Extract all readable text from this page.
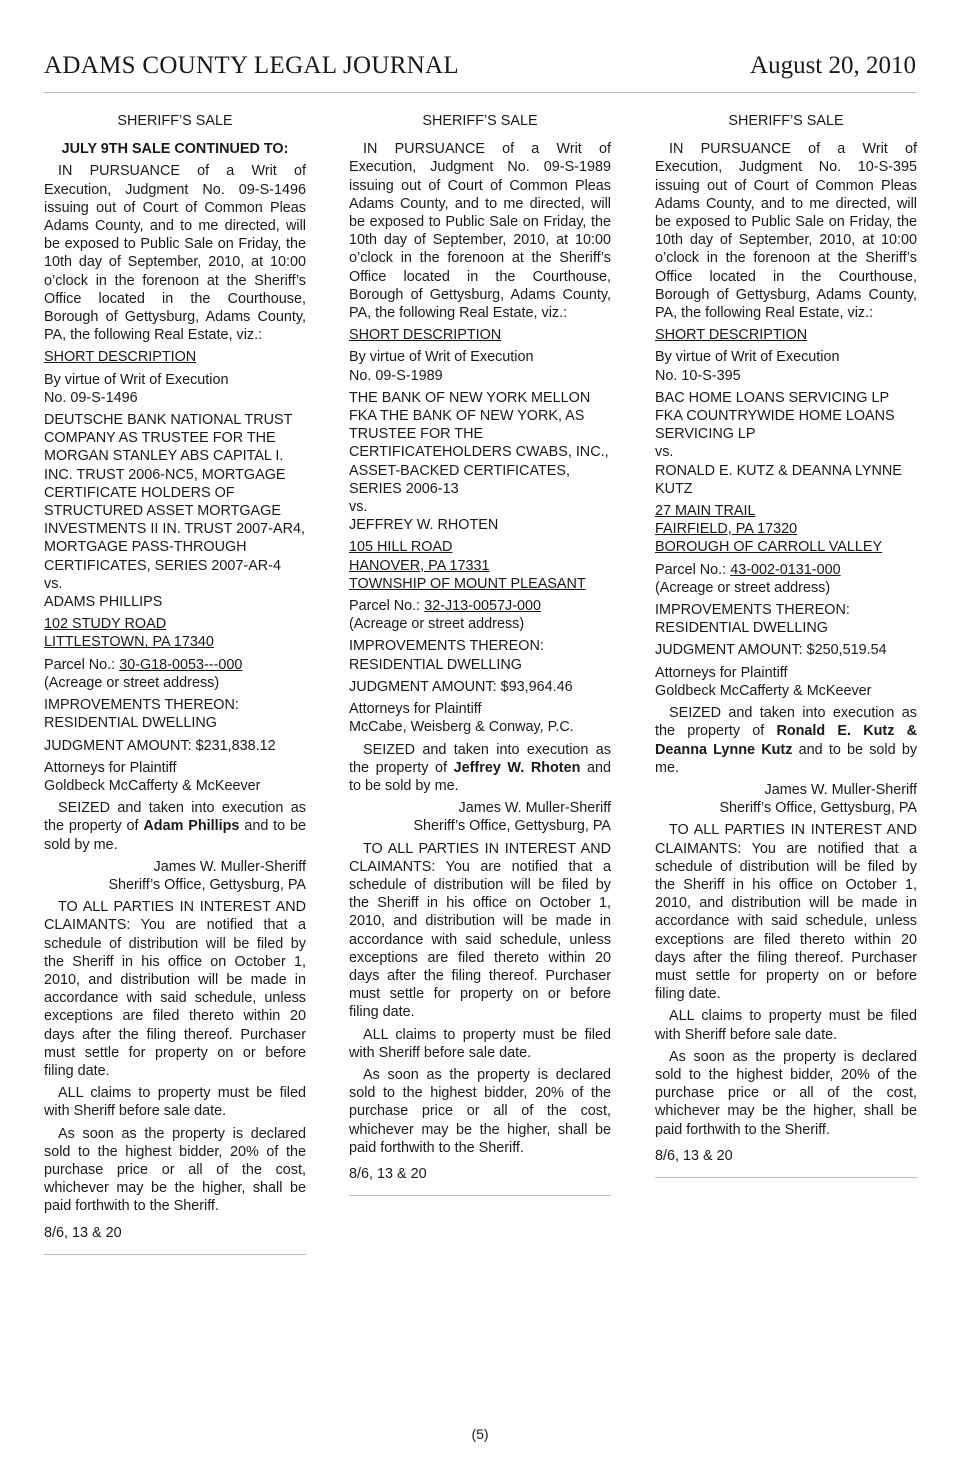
ADAMS COUNTY LEGAL JOURNAL	August 20, 2010
SHERIFF’S SALE
JULY 9TH SALE CONTINUED TO:
IN PURSUANCE of a Writ of Execution, Judgment No. 09-S-1496 issuing out of Court of Common Pleas Adams County, and to me directed, will be exposed to Public Sale on Friday, the 10th day of September, 2010, at 10:00 o’clock in the forenoon at the Sheriff’s Office located in the Courthouse, Borough of Gettysburg, Adams County, PA, the following Real Estate, viz.:
SHORT DESCRIPTION
By virtue of Writ of Execution
No. 09-S-1496
DEUTSCHE BANK NATIONAL TRUST COMPANY AS TRUSTEE FOR THE MORGAN STANLEY ABS CAPITAL I. INC. TRUST 2006-NC5, MORTGAGE CERTIFICATE HOLDERS OF STRUCTURED ASSET MORTGAGE INVESTMENTS II IN. TRUST 2007-AR4, MORTGAGE PASS-THROUGH CERTIFICATES, SERIES 2007-AR-4
vs.
ADAMS PHILLIPS
102 STUDY ROAD
LITTLESTOWN, PA 17340
Parcel No.: 30-G18-0053---000
(Acreage or street address)
IMPROVEMENTS THEREON:
RESIDENTIAL DWELLING
JUDGMENT AMOUNT: $231,838.12
Attorneys for Plaintiff
Goldbeck McCafferty & McKeever
SEIZED and taken into execution as the property of Adam Phillips and to be sold by me.
James W. Muller-Sheriff
Sheriff’s Office, Gettysburg, PA
TO ALL PARTIES IN INTEREST AND CLAIMANTS: You are notified that a schedule of distribution will be filed by the Sheriff in his office on October 1, 2010, and distribution will be made in accordance with said schedule, unless exceptions are filed thereto within 20 days after the filing thereof. Purchaser must settle for property on or before filing date.
ALL claims to property must be filed with Sheriff before sale date.
As soon as the property is declared sold to the highest bidder, 20% of the purchase price or all of the cost, whichever may be the higher, shall be paid forthwith to the Sheriff.
8/6, 13 & 20
SHERIFF’S SALE
IN PURSUANCE of a Writ of Execution, Judgment No. 09-S-1989 issuing out of Court of Common Pleas Adams County, and to me directed, will be exposed to Public Sale on Friday, the 10th day of September, 2010, at 10:00 o’clock in the forenoon at the Sheriff’s Office located in the Courthouse, Borough of Gettysburg, Adams County, PA, the following Real Estate, viz.:
SHORT DESCRIPTION
By virtue of Writ of Execution
No. 09-S-1989
THE BANK OF NEW YORK MELLON FKA THE BANK OF NEW YORK, AS TRUSTEE FOR THE CERTIFICATEHOLDERS CWABS, INC., ASSET-BACKED CERTIFICATES, SERIES 2006-13
vs.
JEFFREY W. RHOTEN
105 HILL ROAD
HANOVER, PA 17331
TOWNSHIP OF MOUNT PLEASANT
Parcel No.: 32-J13-0057J-000
(Acreage or street address)
IMPROVEMENTS THEREON:
RESIDENTIAL DWELLING
JUDGMENT AMOUNT: $93,964.46
Attorneys for Plaintiff
McCabe, Weisberg & Conway, P.C.
SEIZED and taken into execution as the property of Jeffrey W. Rhoten and to be sold by me.
James W. Muller-Sheriff
Sheriff’s Office, Gettysburg, PA
TO ALL PARTIES IN INTEREST AND CLAIMANTS: You are notified that a schedule of distribution will be filed by the Sheriff in his office on October 1, 2010, and distribution will be made in accordance with said schedule, unless exceptions are filed thereto within 20 days after the filing thereof. Purchaser must settle for property on or before filing date.
ALL claims to property must be filed with Sheriff before sale date.
As soon as the property is declared sold to the highest bidder, 20% of the purchase price or all of the cost, whichever may be the higher, shall be paid forthwith to the Sheriff.
8/6, 13 & 20
SHERIFF’S SALE
IN PURSUANCE of a Writ of Execution, Judgment No. 10-S-395 issuing out of Court of Common Pleas Adams County, and to me directed, will be exposed to Public Sale on Friday, the 10th day of September, 2010, at 10:00 o’clock in the forenoon at the Sheriff’s Office located in the Courthouse, Borough of Gettysburg, Adams County, PA, the following Real Estate, viz.:
SHORT DESCRIPTION
By virtue of Writ of Execution
No. 10-S-395
BAC HOME LOANS SERVICING LP FKA COUNTRYWIDE HOME LOANS SERVICING LP
vs.
RONALD E. KUTZ & DEANNA LYNNE KUTZ
27 MAIN TRAIL
FAIRFIELD, PA 17320
BOROUGH OF CARROLL VALLEY
Parcel No.: 43-002-0131-000
(Acreage or street address)
IMPROVEMENTS THEREON:
RESIDENTIAL DWELLING
JUDGMENT AMOUNT: $250,519.54
Attorneys for Plaintiff
Goldbeck McCafferty & McKeever
SEIZED and taken into execution as the property of Ronald E. Kutz & Deanna Lynne Kutz and to be sold by me.
James W. Muller-Sheriff
Sheriff’s Office, Gettysburg, PA
TO ALL PARTIES IN INTEREST AND CLAIMANTS: You are notified that a schedule of distribution will be filed by the Sheriff in his office on October 1, 2010, and distribution will be made in accordance with said schedule, unless exceptions are filed thereto within 20 days after the filing thereof. Purchaser must settle for property on or before filing date.
ALL claims to property must be filed with Sheriff before sale date.
As soon as the property is declared sold to the highest bidder, 20% of the purchase price or all of the cost, whichever may be the higher, shall be paid forthwith to the Sheriff.
8/6, 13 & 20
(5)
